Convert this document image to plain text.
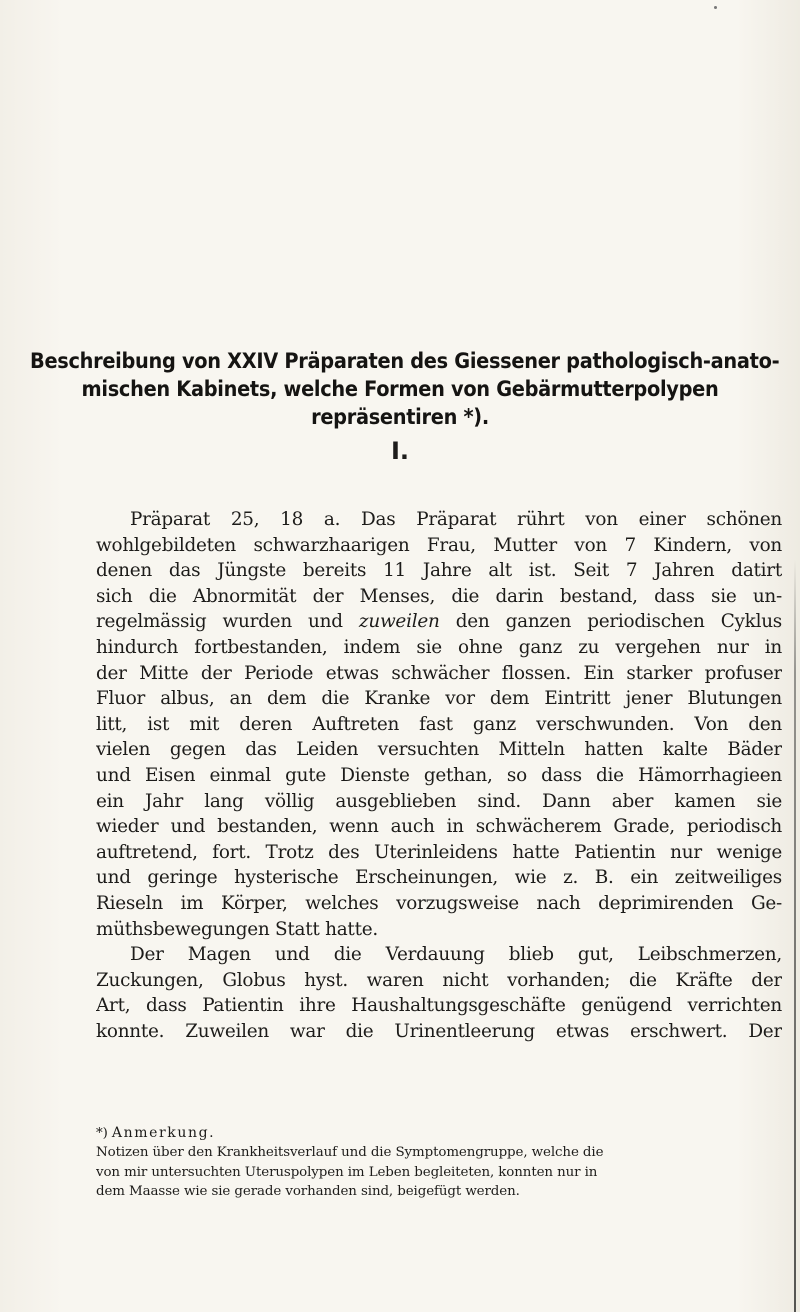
Beschreibung von XXIV Präparaten des Giessener pathologisch-anato-
mischen Kabinets, welche Formen von Gebärmutterpolypen
repräsentiren *).
I.
Präparat 25, 18 a. Das Präparat rührt von einer schönen
wohlgebildeten schwarzhaarigen Frau, Mutter von 7 Kindern, von
denen das Jüngste bereits 11 Jahre alt ist. Seit 7 Jahren datirt
sich die Abnormität der Menses, die darin bestand, dass sie un-
regelmässig wurden und zuweilen den ganzen periodischen Cyklus
hindurch fortbestanden, indem sie ohne ganz zu vergehen nur in
der Mitte der Periode etwas schwächer flossen. Ein starker profuser
Fluor albus, an dem die Kranke vor dem Eintritt jener Blutungen
litt, ist mit deren Auftreten fast ganz verschwunden. Von den
vielen gegen das Leiden versuchten Mitteln hatten kalte Bäder
und Eisen einmal gute Dienste gethan, so dass die Hämorrhagieen
ein Jahr lang völlig ausgeblieben sind. Dann aber kamen sie
wieder und bestanden, wenn auch in schwächerem Grade, periodisch
auftretend, fort. Trotz des Uterinleidens hatte Patientin nur wenige
und geringe hysterische Erscheinungen, wie z. B. ein zeitweiliges
Rieseln im Körper, welches vorzugsweise nach deprimirenden Ge-
müthsbewegungen Statt hatte.
Der Magen und die Verdauung blieb gut, Leibschmerzen,
Zuckungen, Globus hyst. waren nicht vorhanden; die Kräfte der
Art, dass Patientin ihre Haushaltungsgeschäfte genügend verrichten
konnte. Zuweilen war die Urinentleerung etwas erschwert. Der
*) Anmerkung.
Notizen über den Krankheitsverlauf und die Symptomengruppe, welche die
von mir untersuchten Uteruspolypen im Leben begleiteten, konnten nur in
dem Maasse wie sie gerade vorhanden sind, beigefügt werden.
